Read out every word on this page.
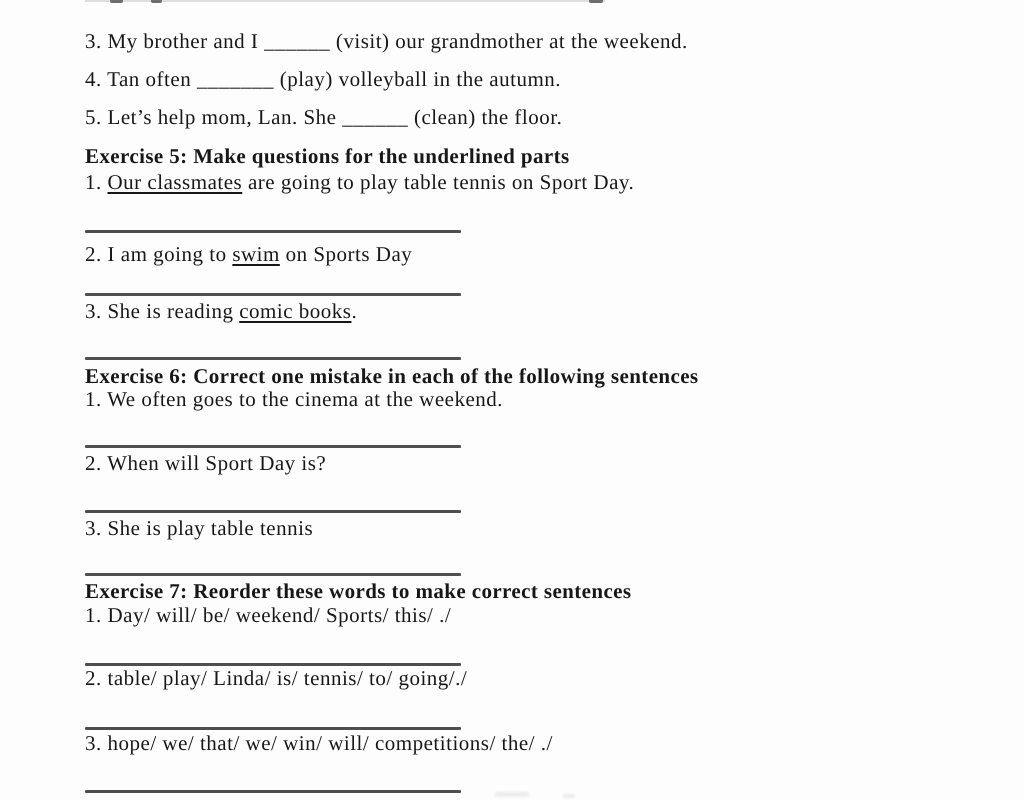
3. My brother and I ______ (visit) our grandmother at the weekend.
4. Tan often _______ (play) volleyball in the autumn.
5. Let’s help mom, Lan. She ______ (clean) the floor.
Exercise 5: Make questions for the underlined parts
1. Our classmates are going to play table tennis on Sport Day.
2. I am going to swim on Sports Day
3. She is reading comic books.
Exercise 6: Correct one mistake in each of the following sentences
1. We often goes to the cinema at the weekend.
2. When will Sport Day is?
3. She is play table tennis
Exercise 7: Reorder these words to make correct sentences
1. Day/ will/ be/ weekend/ Sports/ this/ ./
2. table/ play/ Linda/ is/ tennis/ to/ going/./
3. hope/ we/ that/ we/ win/ will/ competitions/ the/ ./
